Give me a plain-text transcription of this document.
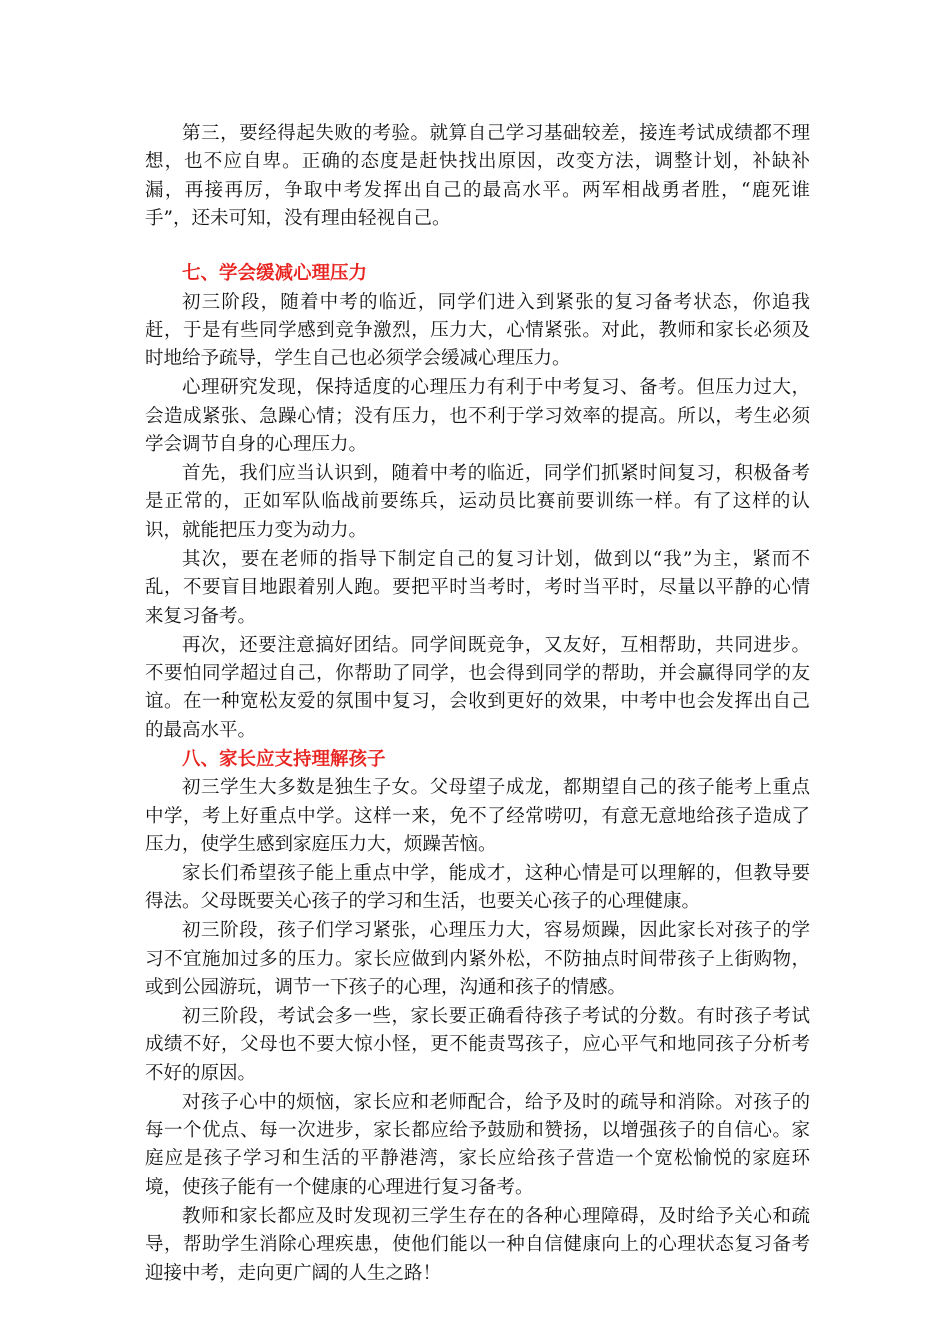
第三，要经得起失败的考验。就算自己学习基础较差，接连考试成绩都不理想，也不应自卑。正确的态度是赶快找出原因，改变方法，调整计划，补缺补漏，再接再厉，争取中考发挥出自己的最高水平。两军相战勇者胜，“鹿死谁手”，还未可知，没有理由轻视自己。

七、学会缓减心理压力

初三阶段，随着中考的临近，同学们进入到紧张的复习备考状态，你追我赶，于是有些同学感到竞争激烈，压力大，心情紧张。对此，教师和家长必须及时地给予疏导，学生自己也必须学会缓减心理压力。

心理研究发现，保持适度的心理压力有利于中考复习、备考。但压力过大，会造成紧张、急躁心情；没有压力，也不利于学习效率的提高。所以，考生必须学会调节自身的心理压力。

首先，我们应当认识到，随着中考的临近，同学们抓紧时间复习，积极备考是正常的，正如军队临战前要练兵，运动员比赛前要训练一样。有了这样的认识，就能把压力变为动力。

其次，要在老师的指导下制定自己的复习计划，做到以“我”为主，紧而不乱，不要盲目地跟着别人跑。要把平时当考时，考时当平时，尽量以平静的心情来复习备考。

再次，还要注意搞好团结。同学间既竞争，又友好，互相帮助，共同进步。不要怕同学超过自己，你帮助了同学，也会得到同学的帮助，并会赢得同学的友谊。在一种宽松友爱的氛围中复习，会收到更好的效果，中考中也会发挥出自己的最高水平。

八、家长应支持理解孩子

初三学生大多数是独生子女。父母望子成龙，都期望自己的孩子能考上重点中学，考上好重点中学。这样一来，免不了经常唠叨，有意无意地给孩子造成了压力，使学生感到家庭压力大，烦躁苦恼。

家长们希望孩子能上重点中学，能成才，这种心情是可以理解的，但教导要得法。父母既要关心孩子的学习和生活，也要关心孩子的心理健康。

初三阶段，孩子们学习紧张，心理压力大，容易烦躁，因此家长对孩子的学习不宜施加过多的压力。家长应做到内紧外松，不防抽点时间带孩子上街购物，或到公园游玩，调节一下孩子的心理，沟通和孩子的情感。

初三阶段，考试会多一些，家长要正确看待孩子考试的分数。有时孩子考试成绩不好，父母也不要大惊小怪，更不能责骂孩子，应心平气和地同孩子分析考不好的原因。

对孩子心中的烦恼，家长应和老师配合，给予及时的疏导和消除。对孩子的每一个优点、每一次进步，家长都应给予鼓励和赞扬，以增强孩子的自信心。家庭应是孩子学习和生活的平静港湾，家长应给孩子营造一个宽松愉悦的家庭环境，使孩子能有一个健康的心理进行复习备考。

教师和家长都应及时发现初三学生存在的各种心理障碍，及时给予关心和疏导，帮助学生消除心理疾患，使他们能以一种自信健康向上的心理状态复习备考迎接中考，走向更广阔的人生之路！
